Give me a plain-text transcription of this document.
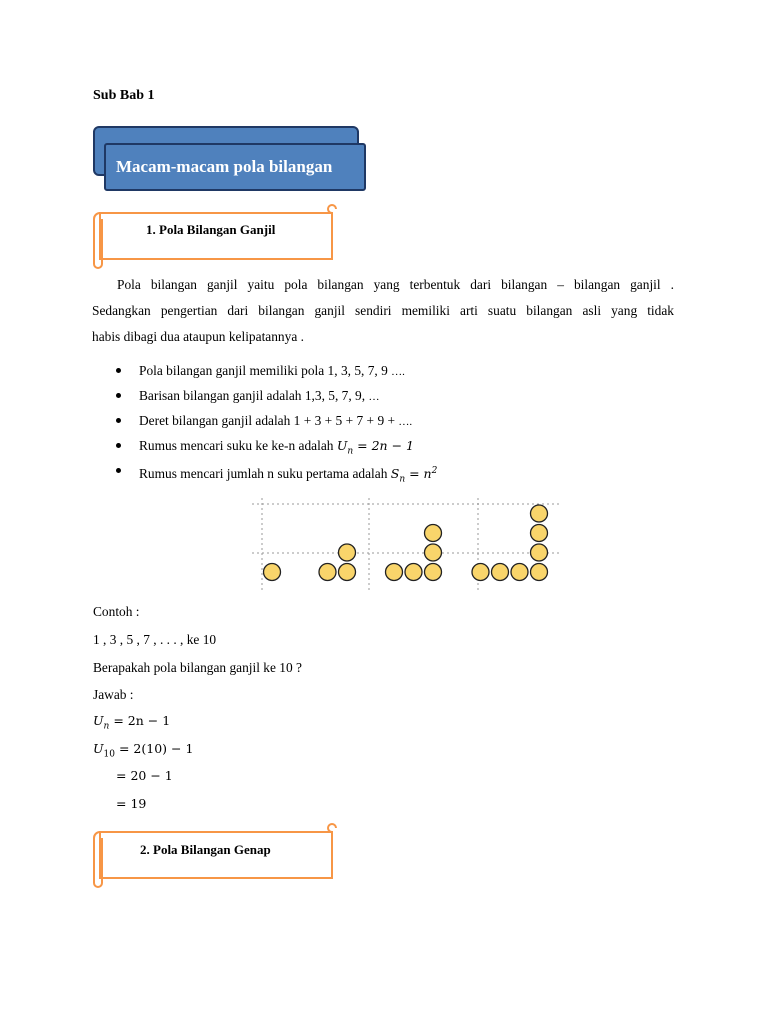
Sub Bab 1
Macam-macam pola bilangan
1. Pola Bilangan Ganjil
Pola bilangan ganjil yaitu pola bilangan yang terbentuk dari bilangan – bilangan ganjil .
Sedangkan pengertian dari bilangan ganjil sendiri memiliki arti suatu bilangan asli yang tidak
habis dibagi dua ataupun kelipatannya .
Pola bilangan ganjil memiliki pola 1, 3, 5, 7, 9 ….
Barisan bilangan ganjil adalah 1,3, 5, 7, 9, …
Deret bilangan ganjil adalah 1 + 3 + 5 + 7 + 9 + ….
Rumus mencari suku ke ke-n adalah $U_n = 2n - 1$
Rumus mencari jumlah n suku pertama adalah $S_n = n^2$
Contoh :
1 , 3 , 5 , 7 , . . . , ke 10
Berapakah pola bilangan ganjil ke 10 ?
Jawab :
$U_n = 2n - 1$
$U_{10} = 2(10) - 1$
= 20 − 1
= 19
2. Pola Bilangan Genap
